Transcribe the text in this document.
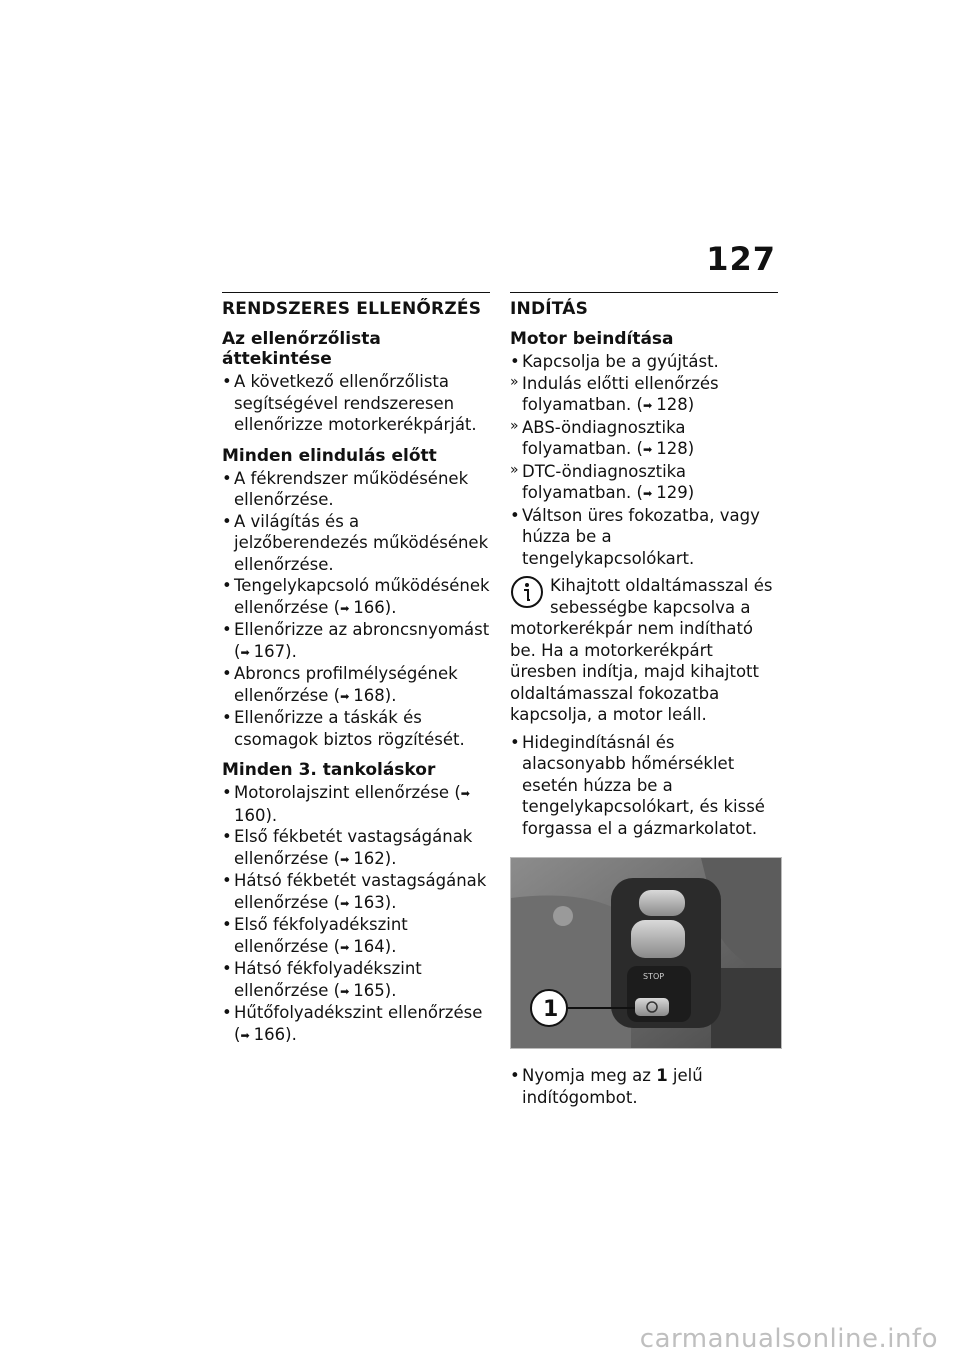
127
RENDSZERES ELLENŐRZÉS
Az ellenőrzőlista áttekintése
• A következő ellenőrzőlista segítségével rendszeresen ellenőrizze motorkerékpárját.
Minden elindulás előtt
• A fékrendszer működésének ellenőrzése.
• A világítás és a jelzőberendezés működésének ellenőrzése.
• Tengelykapcsoló működésének ellenőrzése (➡ 166).
• Ellenőrizze az abroncsnyomást (➡ 167).
• Abroncs profilmélységének ellenőrzése (➡ 168).
• Ellenőrizze a táskák és csomagok biztos rögzítését.
Minden 3. tankoláskor
• Motorolajszint ellenőrzése (➡160).
• Első fékbetét vastagságának ellenőrzése (➡ 162).
• Hátsó fékbetét vastagságának ellenőrzése (➡ 163).
• Első fékfolyadékszint ellenőrzése (➡ 164).
• Hátsó fékfolyadékszint ellenőrzése (➡ 165).
• Hűtőfolyadékszint ellenőrzése (➡ 166).
INDÍTÁS
Motor beindítása
• Kapcsolja be a gyújtást.
» Indulás előtti ellenőrzés folyamatban. (➡ 128)
» ABS-öndiagnosztika folyamatban. (➡ 128)
» DTC-öndiagnosztika folyamatban. (➡ 129)
• Váltson üres fokozatba, vagy húzza be a tengelykapcsolókart.
Kihajtott oldaltámasszal és sebességbe kapcsolva a motorkerékpár nem indítható be. Ha a motorkerékpárt üresben indítja, majd kihajtott oldaltámasszal fokozatba kapcsolja, a motor leáll.
• Hidegindításnál és alacsonyabb hőmérséklet esetén húzza be a tengelykapcsolókart, és kissé forgassa el a gázmarkolatot.
STOP
1
• Nyomja meg az 1 jelű indítógombot.
carmanualsonline.info
